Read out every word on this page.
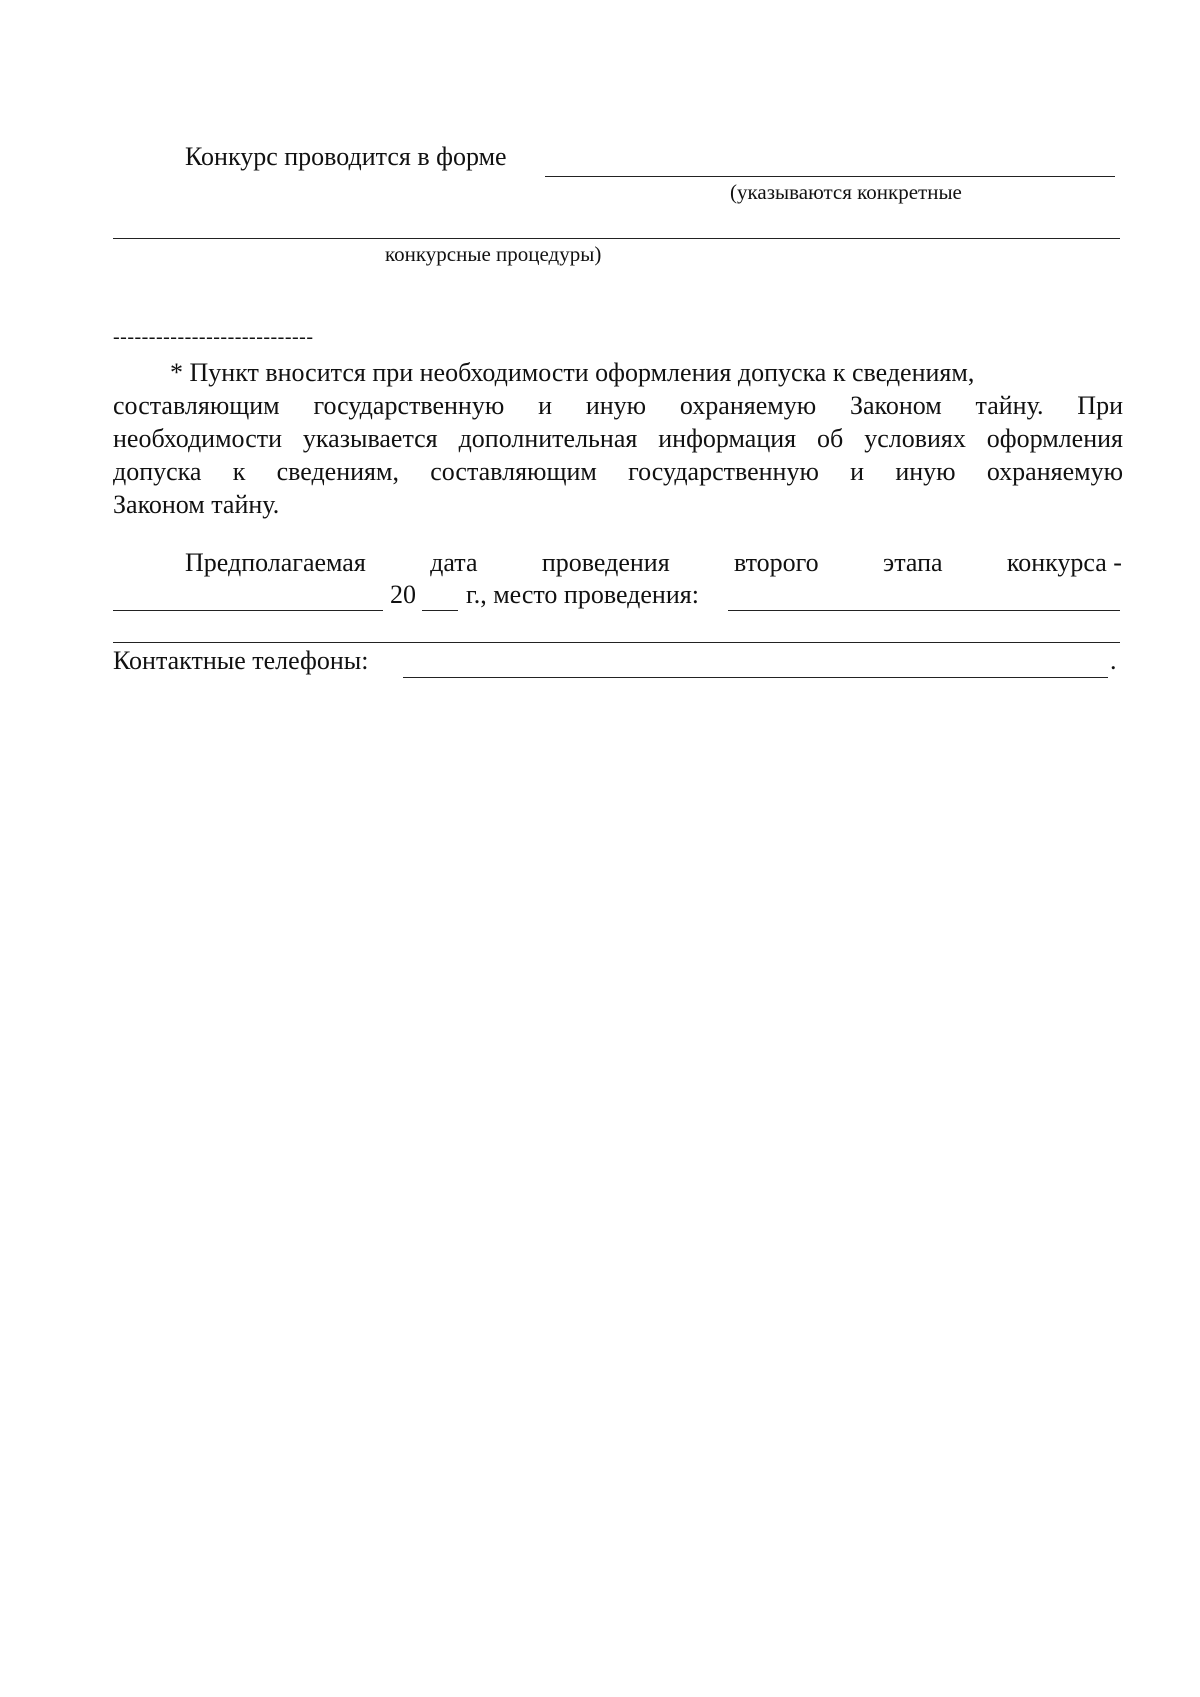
Конкурс проводится в форме
(указываются конкретные
конкурсные процедуры)
----------------------------
* Пункт вносится при необходимости оформления допуска к сведениям,
составляющим государственную и иную охраняемую Законом тайну. При
необходимости указывается дополнительная информация об условиях оформления
допуска к сведениям, составляющим государственную и иную охраняемую
Законом тайну.
Предполагаемая дата проведения второго этапа конкурса -
20 г., место проведения:
Контактные телефоны:	.
